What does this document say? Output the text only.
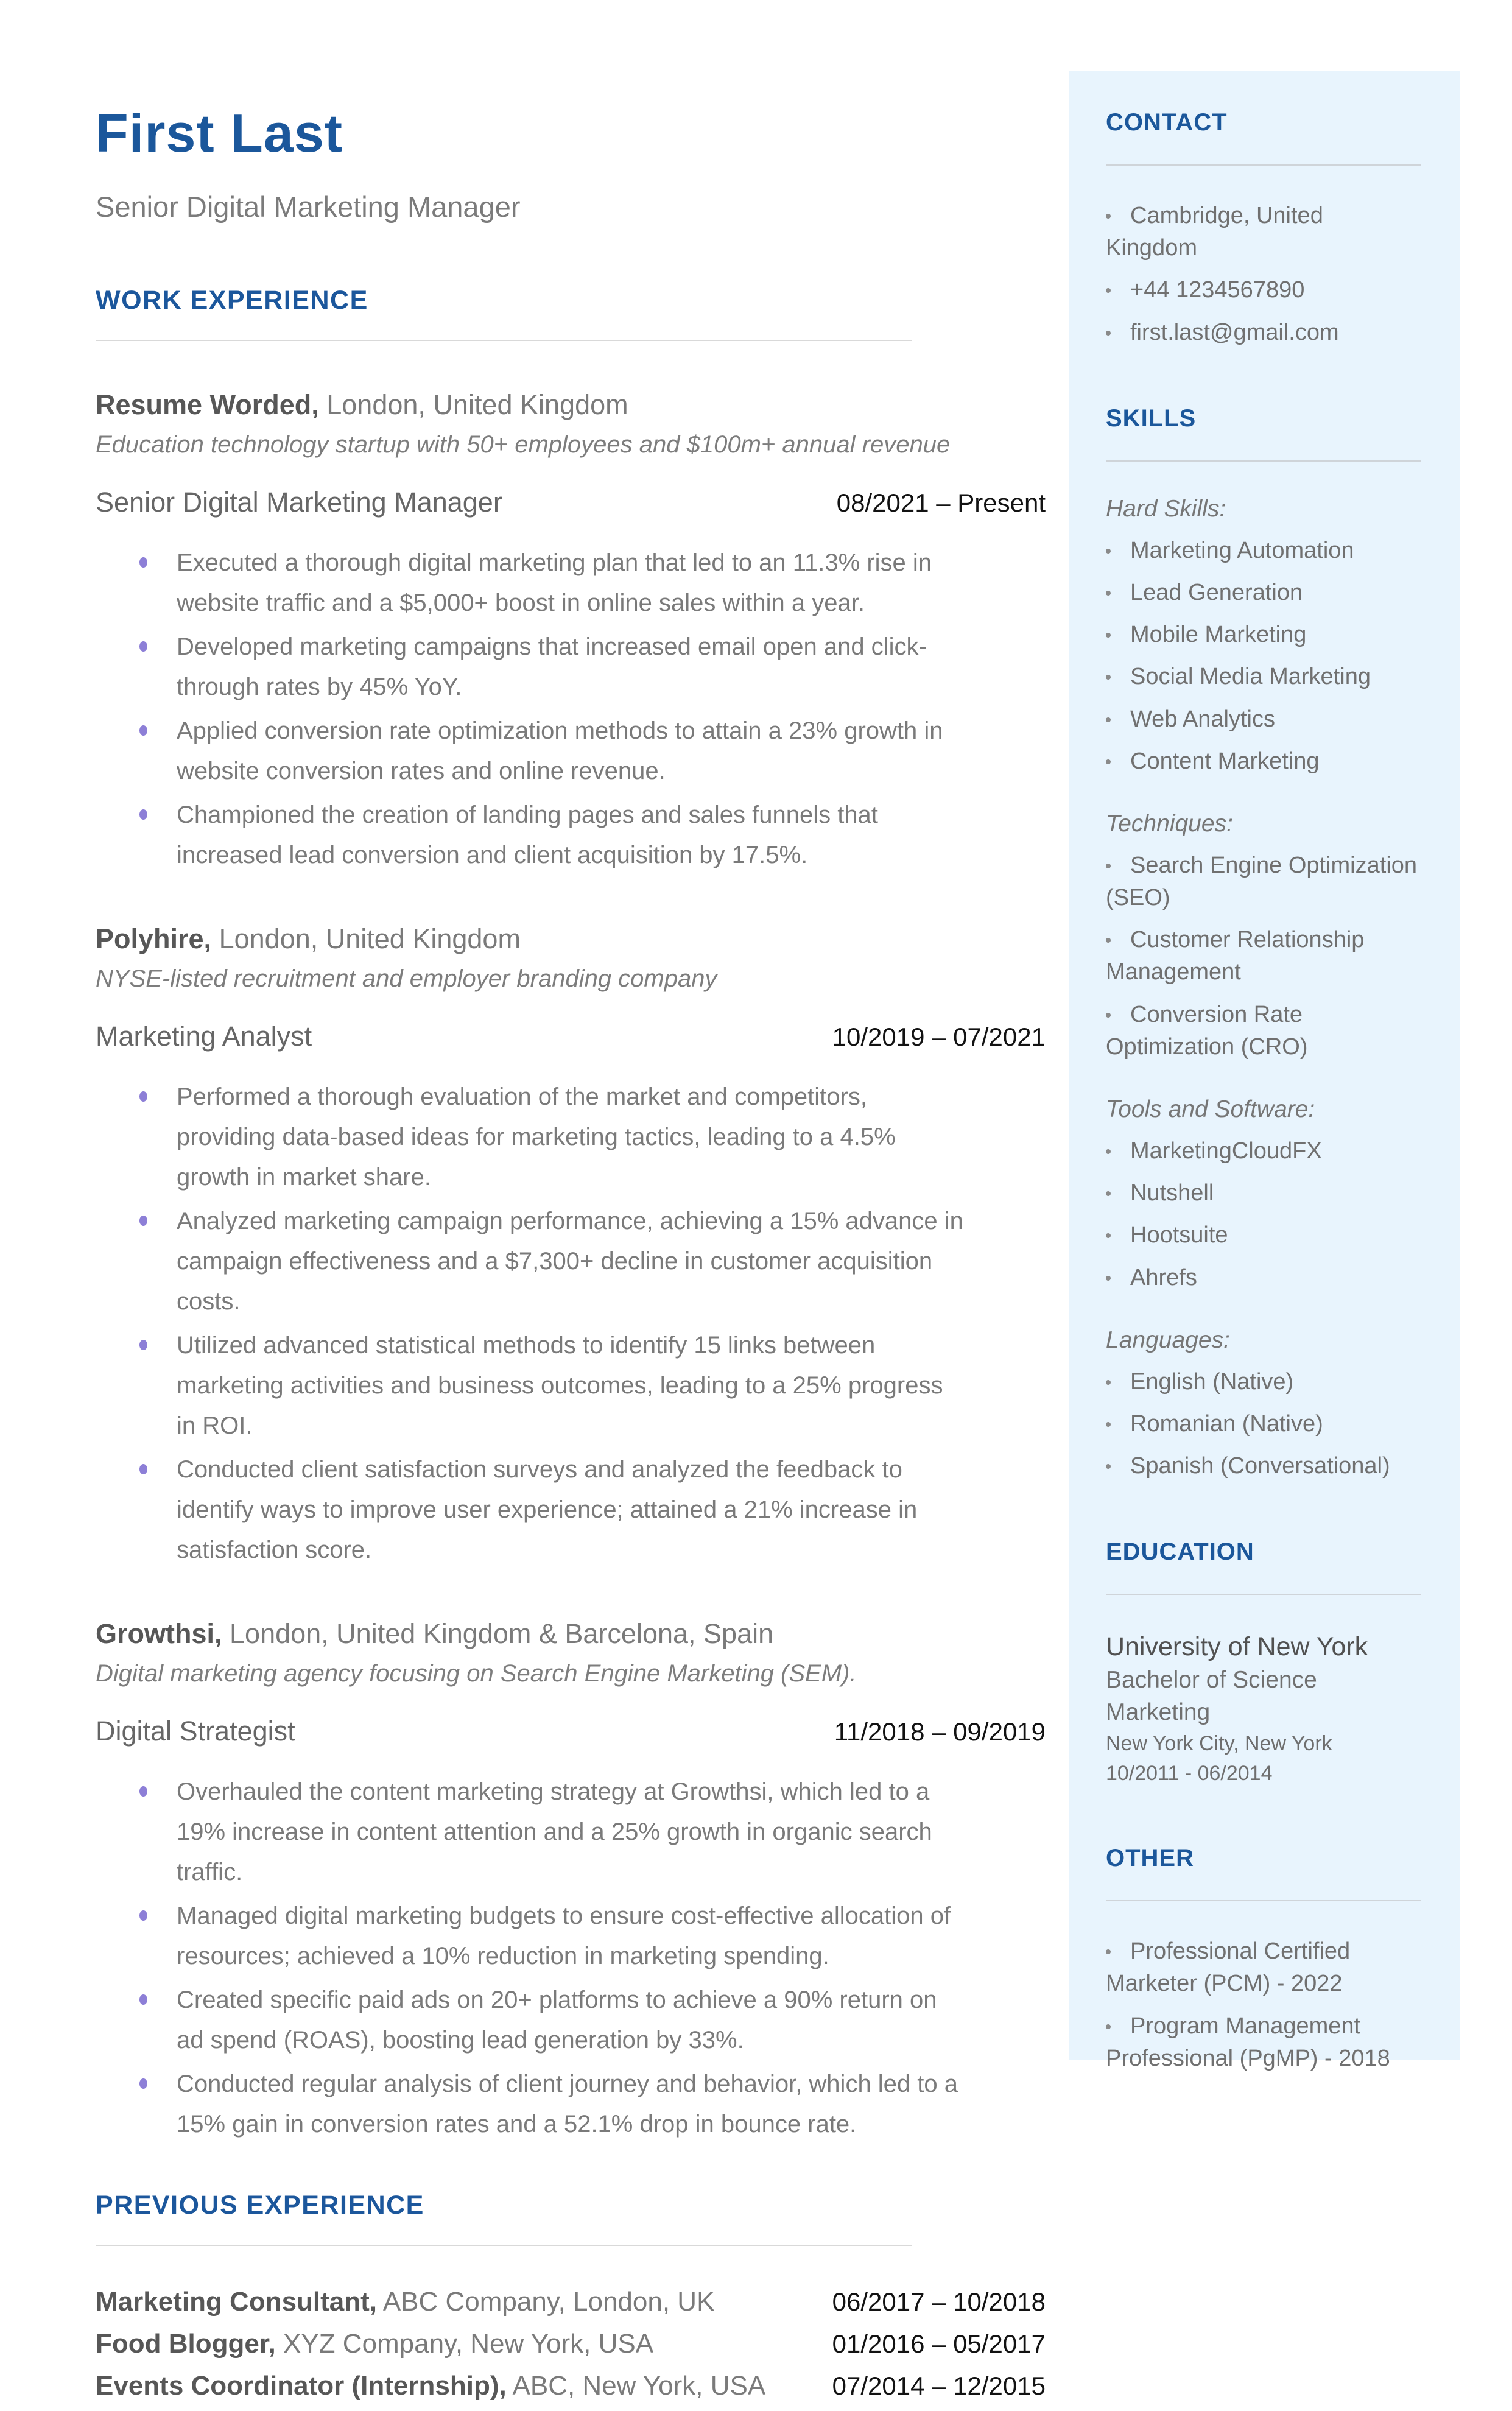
First Last
Senior Digital Marketing Manager
WORK EXPERIENCE
Resume Worded, London, United Kingdom
Education technology startup with 50+ employees and $100m+ annual revenue
Senior Digital Marketing Manager	08/2021 – Present
Executed a thorough digital marketing plan that led to an 11.3% rise in website traffic and a $5,000+ boost in online sales within a year.
Developed marketing campaigns that increased email open and click-through rates by 45% YoY.
Applied conversion rate optimization methods to attain a 23% growth in website conversion rates and online revenue.
Championed the creation of landing pages and sales funnels that increased lead conversion and client acquisition by 17.5%.
Polyhire, London, United Kingdom
NYSE-listed recruitment and employer branding company
Marketing Analyst	10/2019 – 07/2021
Performed a thorough evaluation of the market and competitors, providing data-based ideas for marketing tactics, leading to a 4.5% growth in market share.
Analyzed marketing campaign performance, achieving a 15% advance in campaign effectiveness and a $7,300+ decline in customer acquisition costs.
Utilized advanced statistical methods to identify 15 links between marketing activities and business outcomes, leading to a 25% progress in ROI.
Conducted client satisfaction surveys and analyzed the feedback to identify ways to improve user experience; attained a 21% increase in satisfaction score.
Growthsi, London, United Kingdom & Barcelona, Spain
Digital marketing agency focusing on Search Engine Marketing (SEM).
Digital Strategist	11/2018 – 09/2019
Overhauled the content marketing strategy at Growthsi, which led to a 19% increase in content attention and a 25% growth in organic search traffic.
Managed digital marketing budgets to ensure cost-effective allocation of resources; achieved a 10% reduction in marketing spending.
Created specific paid ads on 20+ platforms to achieve a 90% return on ad spend (ROAS), boosting lead generation by 33%.
Conducted regular analysis of client journey and behavior, which led to a 15% gain in conversion rates and a 52.1% drop in bounce rate.
PREVIOUS EXPERIENCE
Marketing Consultant, ABC Company, London, UK	06/2017 – 10/2018
Food Blogger, XYZ Company, New York, USA	01/2016 – 05/2017
Events Coordinator (Internship), ABC, New York, USA	07/2014 – 12/2015
CONTACT
Cambridge, United Kingdom
+44 1234567890
first.last@gmail.com
SKILLS
Hard Skills:
Marketing Automation
Lead Generation
Mobile Marketing
Social Media Marketing
Web Analytics
Content Marketing
Techniques:
Search Engine Optimization (SEO)
Customer Relationship Management
Conversion Rate Optimization (CRO)
Tools and Software:
MarketingCloudFX
Nutshell
Hootsuite
Ahrefs
Languages:
English (Native)
Romanian (Native)
Spanish (Conversational)
EDUCATION
University of New York
Bachelor of Science
Marketing
New York City, New York
10/2011 - 06/2014
OTHER
Professional Certified Marketer (PCM) - 2022
Program Management Professional (PgMP) - 2018
